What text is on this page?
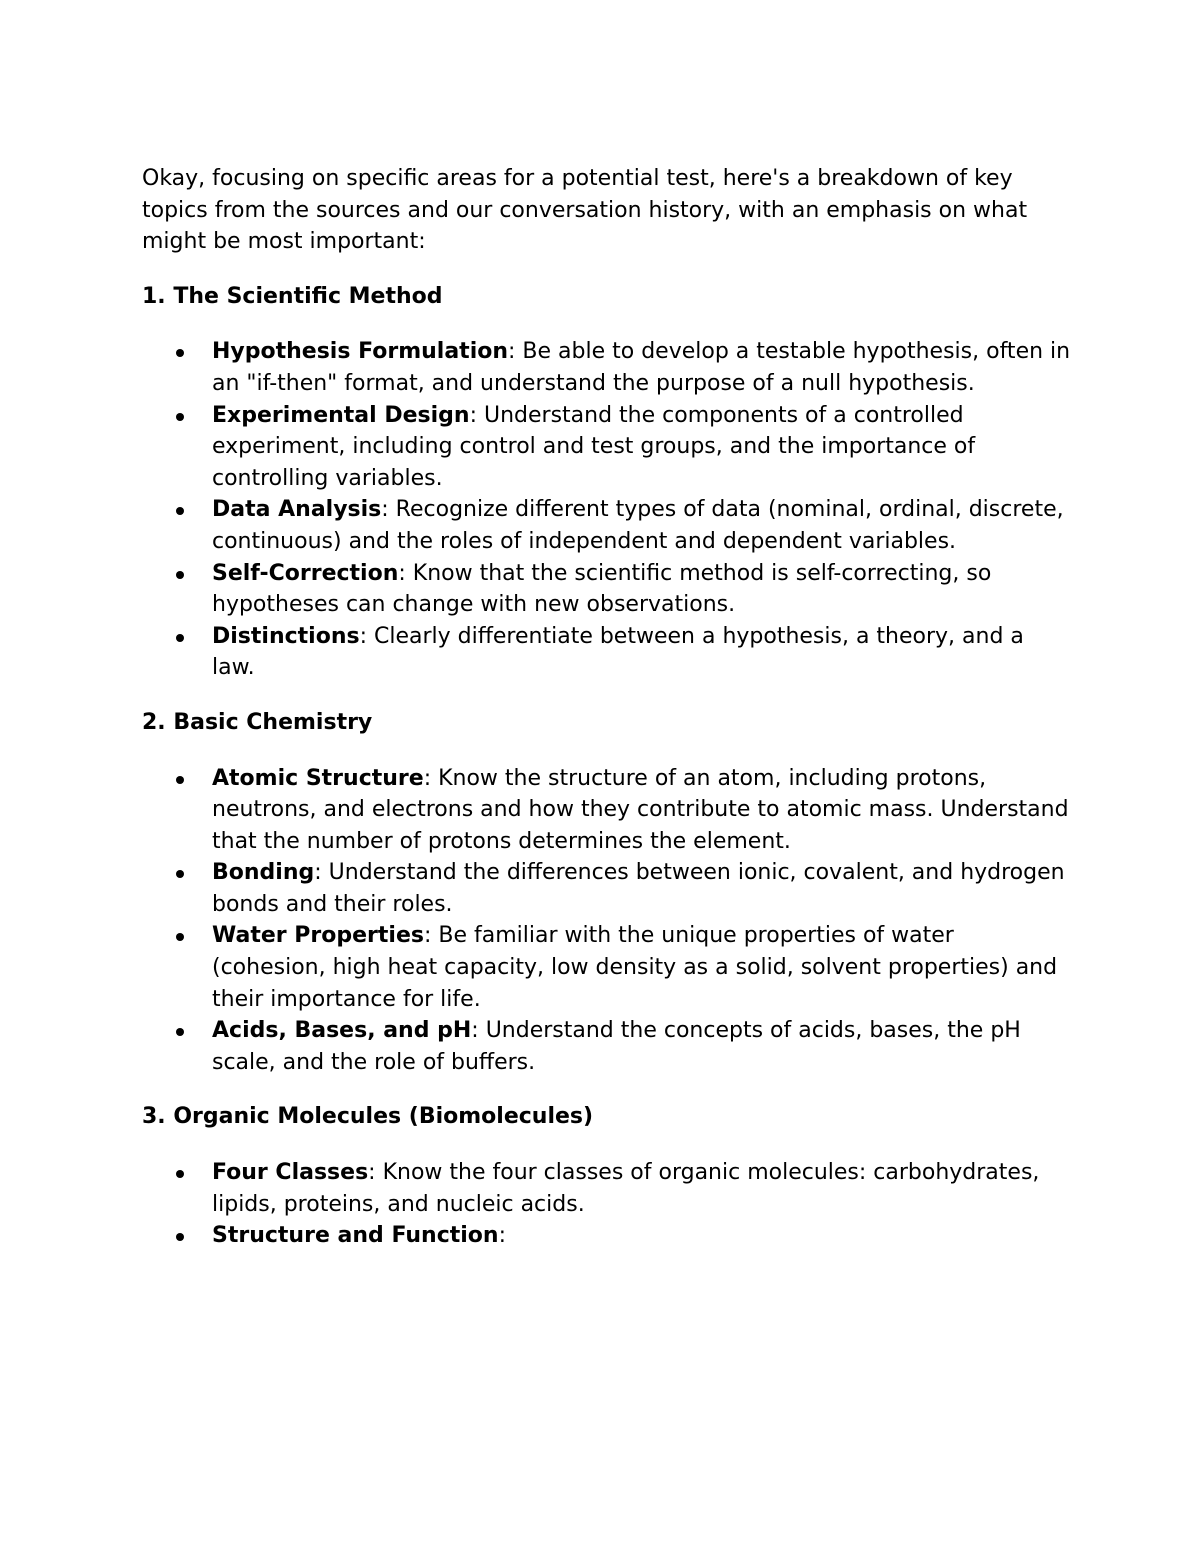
Okay, focusing on specific areas for a potential test, here's a breakdown of key topics from the sources and our conversation history, with an emphasis on what might be most important:

1. The Scientific Method
Hypothesis Formulation: Be able to develop a testable hypothesis, often in an "if-then" format, and understand the purpose of a null hypothesis.
Experimental Design: Understand the components of a controlled experiment, including control and test groups, and the importance of controlling variables.
Data Analysis: Recognize different types of data (nominal, ordinal, discrete, continuous) and the roles of independent and dependent variables.
Self-Correction: Know that the scientific method is self-correcting, so hypotheses can change with new observations.
Distinctions: Clearly differentiate between a hypothesis, a theory, and a law.
2. Basic Chemistry
Atomic Structure: Know the structure of an atom, including protons, neutrons, and electrons and how they contribute to atomic mass. Understand that the number of protons determines the element.
Bonding: Understand the differences between ionic, covalent, and hydrogen bonds and their roles.
Water Properties: Be familiar with the unique properties of water (cohesion, high heat capacity, low density as a solid, solvent properties) and their importance for life.
Acids, Bases, and pH: Understand the concepts of acids, bases, the pH scale, and the role of buffers.
3. Organic Molecules (Biomolecules)
Four Classes: Know the four classes of organic molecules: carbohydrates, lipids, proteins, and nucleic acids.
Structure and Function:
